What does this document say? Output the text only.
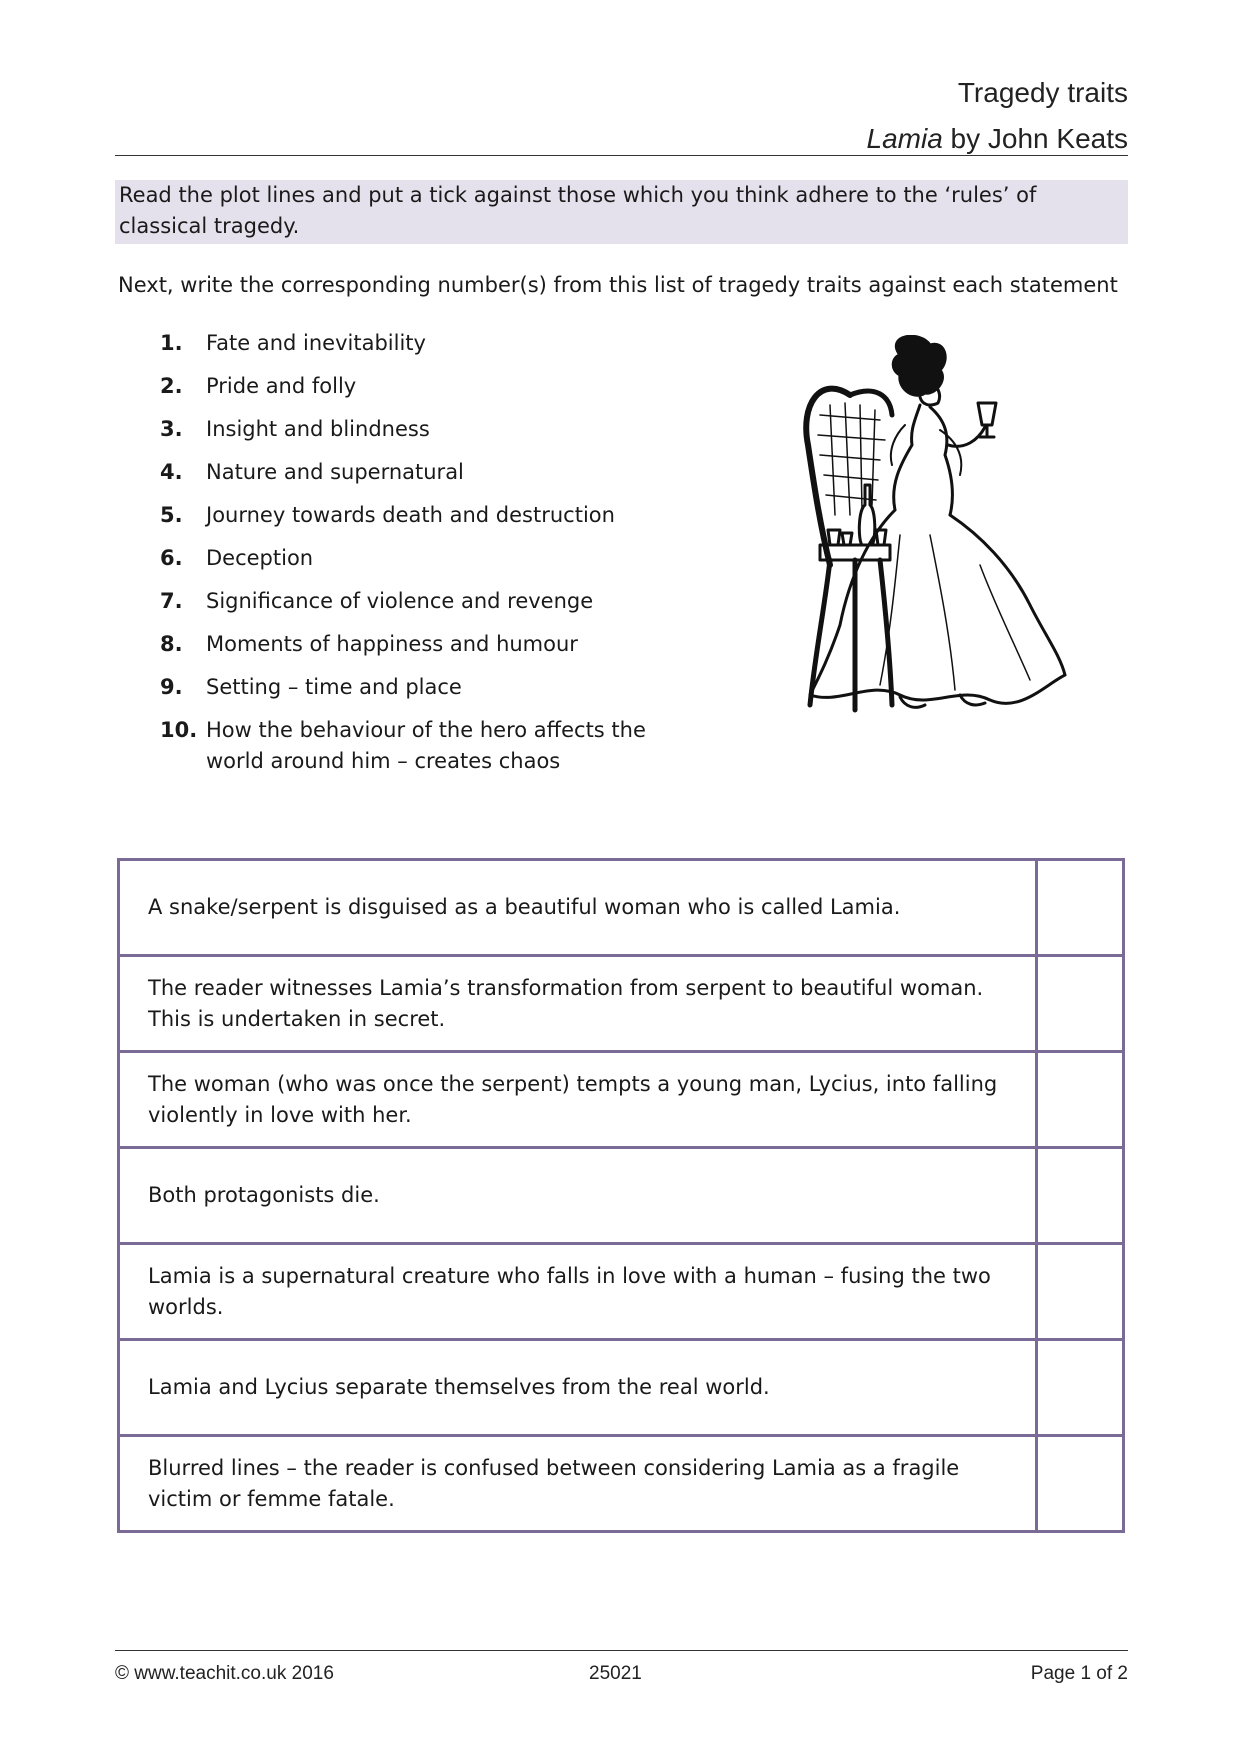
Tragedy traits
Lamia by John Keats
Read the plot lines and put a tick against those which you think adhere to the ‘rules’ of classical tragedy.
Next, write the corresponding number(s) from this list of tragedy traits against each statement
1.	Fate and inevitability
2.	Pride and folly
3.	Insight and blindness
4.	Nature and supernatural
5.	Journey towards death and destruction
6.	Deception
7.	Significance of violence and revenge
8.	Moments of happiness and humour
9.	Setting – time and place
10. How the behaviour of the hero affects the world around him – creates chaos
A snake/serpent is disguised as a beautiful woman who is called Lamia.	
The reader witnesses Lamia’s transformation from serpent to beautiful woman. This is undertaken in secret.	
The woman (who was once the serpent) tempts a young man, Lycius, into falling violently in love with her.	
Both protagonists die.	
Lamia is a supernatural creature who falls in love with a human – fusing the two worlds.	
Lamia and Lycius separate themselves from the real world.	
Blurred lines – the reader is confused between considering Lamia as a fragile victim or femme fatale.	
© www.teachit.co.uk 2016	25021	Page 1 of 2
